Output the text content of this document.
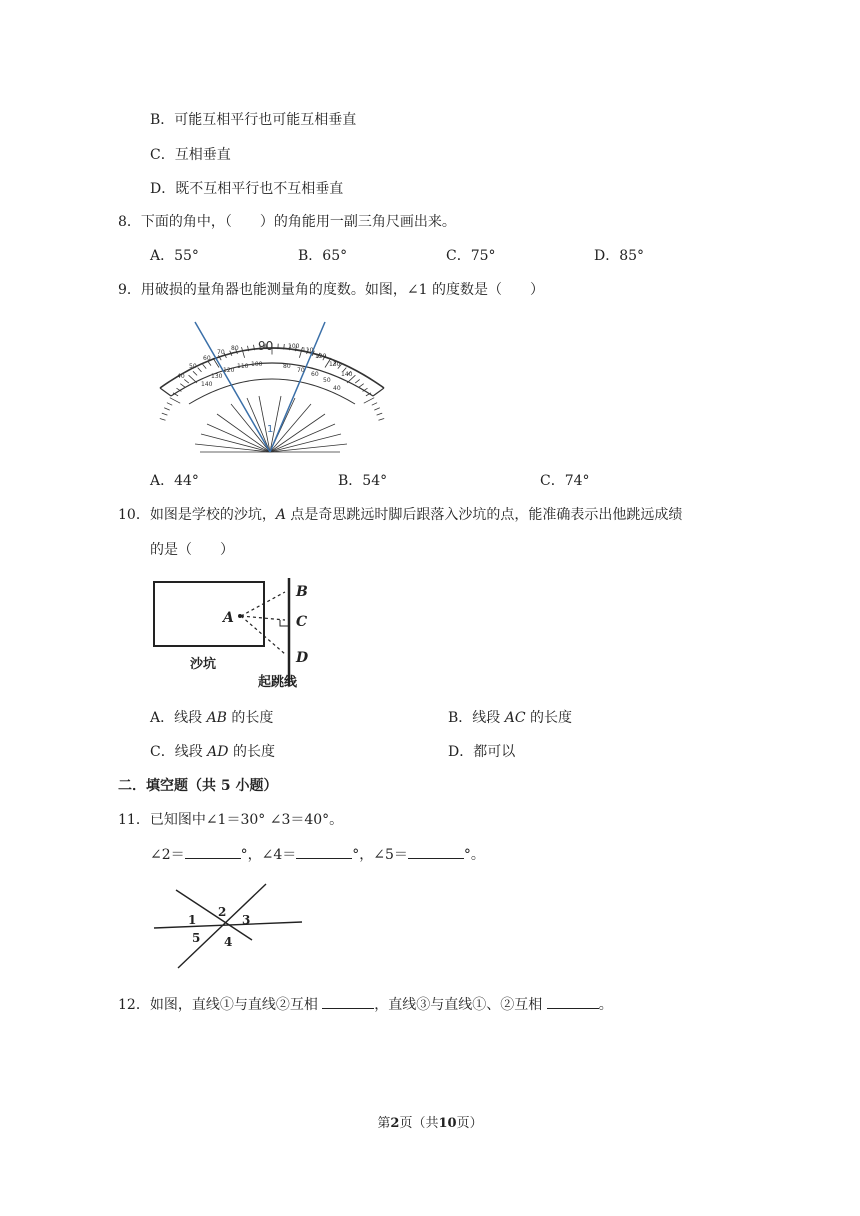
B．可能互相平行也可能互相垂直
C．互相垂直
D．既不互相平行也不互相垂直
8．下面的角中，（　　）的角能用一副三角尺画出来。
A．55°	B．65°	C．75°	D．85°
9．用破损的量角器也能测量角的度数。如图，∠1 的度数是（　　）
40
50
60
70
80 90 100
110
120
130
140
140
130
120
110 100	80
70
60
50
40
1
A．44°	B．54°	C．74°
10．如图是学校的沙坑，A 点是奇思跳远时脚后跟落入沙坑的点，能准确表示出他跳远成绩
的是（　　）
A
B
C
D
沙坑
起跳线
A．线段 AB 的长度	B．线段 AC 的长度
C．线段 AD 的长度	D．都可以
二．填空题（共 5 小题）
11．已知图中∠1＝30° ∠3＝40°。
∠2＝	°，∠4＝	°，∠5＝	°。
1
2
3
4
5
12．如图，直线①与直线②互相	，直线③与直线①、②互相	。
第2页（共10页）
